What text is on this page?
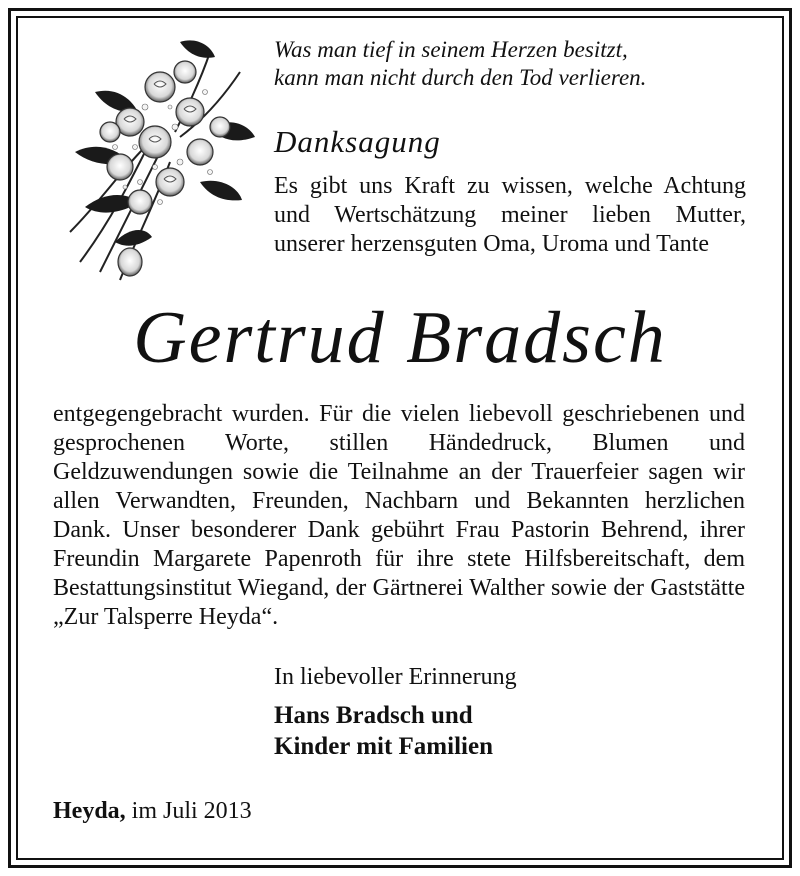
Was man tief in seinem Herzen besitzt,
kann man nicht durch den Tod verlieren.
Danksagung

Es gibt uns Kraft zu wissen, welche Achtung und Wertschätzung meiner lieben Mutter, unserer herzensguten Oma, Uroma und Tante

Gertrud Bradsch
entgegengebracht wurden. Für die vielen liebevoll geschriebenen und gesprochenen Worte, stillen Händedruck, Blumen und Geldzuwendungen sowie die Teilnahme an der Trauerfeier sagen wir allen Verwandten, Freunden, Nachbarn und Bekannten herzlichen Dank. Unser besonderer Dank gebührt Frau Pastorin Behrend, ihrer Freundin Margarete Papenroth für ihre stete Hilfsbereitschaft, dem Bestattungsinstitut Wiegand, der Gärtnerei Walther sowie der Gaststätte „Zur Talsperre Heyda“.
In liebevoller Erinnerung
Hans Bradsch und
Kinder mit Familien
Heyda, im Juli 2013
